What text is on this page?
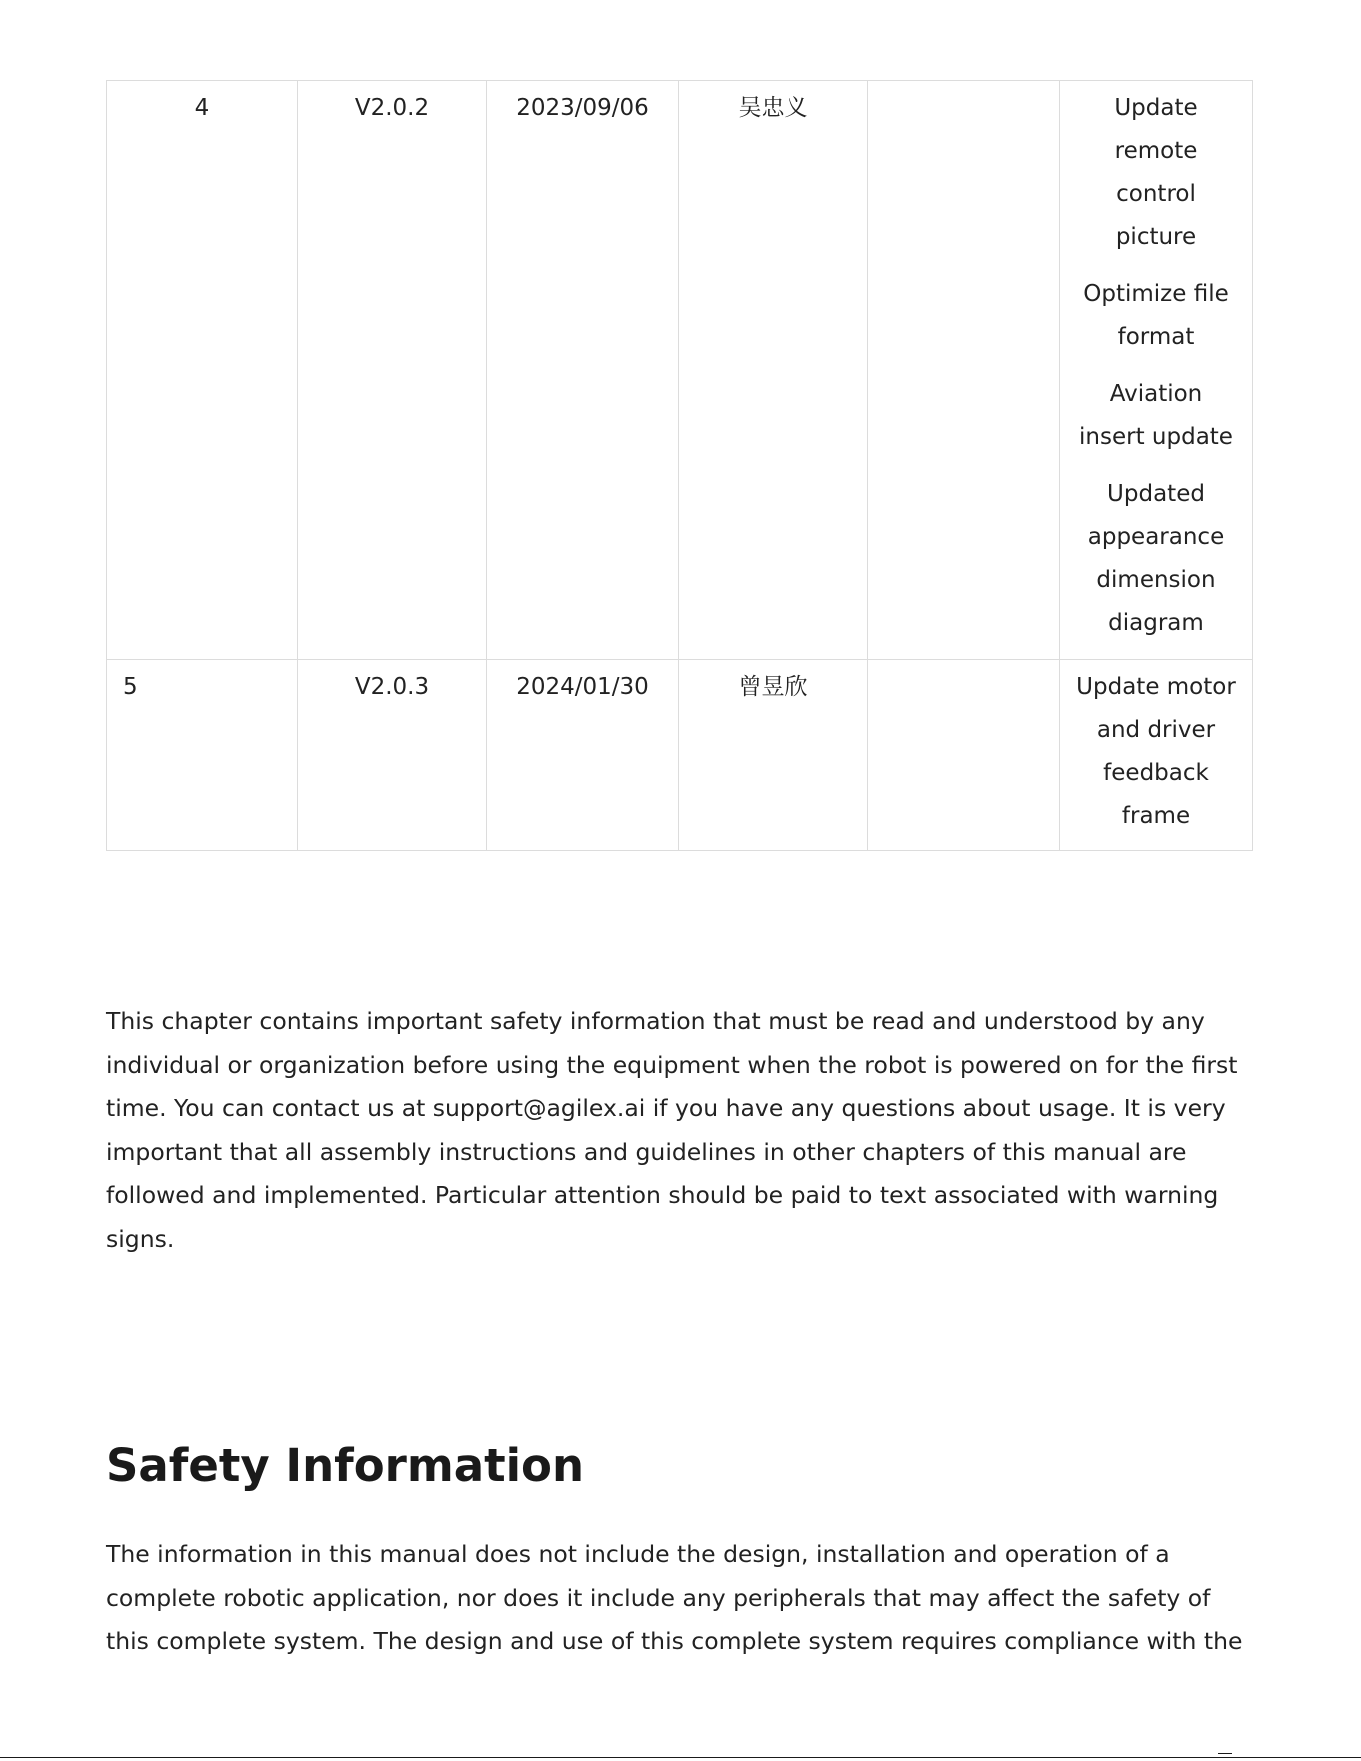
4	V2.0.2	2023/09/06	吴忠义		Update remote control picture
Optimize file format
Aviation insert update
Updated appearance dimension diagram

5	V2.0.3	2024/01/30	曾昱欣		Update motor and driver feedback frame

This chapter contains important safety information that must be read and understood by any individual or organization before using the equipment when the robot is powered on for the first time. You can contact us at support@agilex.ai if you have any questions about usage. It is very important that all assembly instructions and guidelines in other chapters of this manual are followed and implemented. Particular attention should be paid to text associated with warning signs.

Safety Information

The information in this manual does not include the design, installation and operation of a complete robotic application, nor does it include any peripherals that may affect the safety of this complete system. The design and use of this complete system requires compliance with the
